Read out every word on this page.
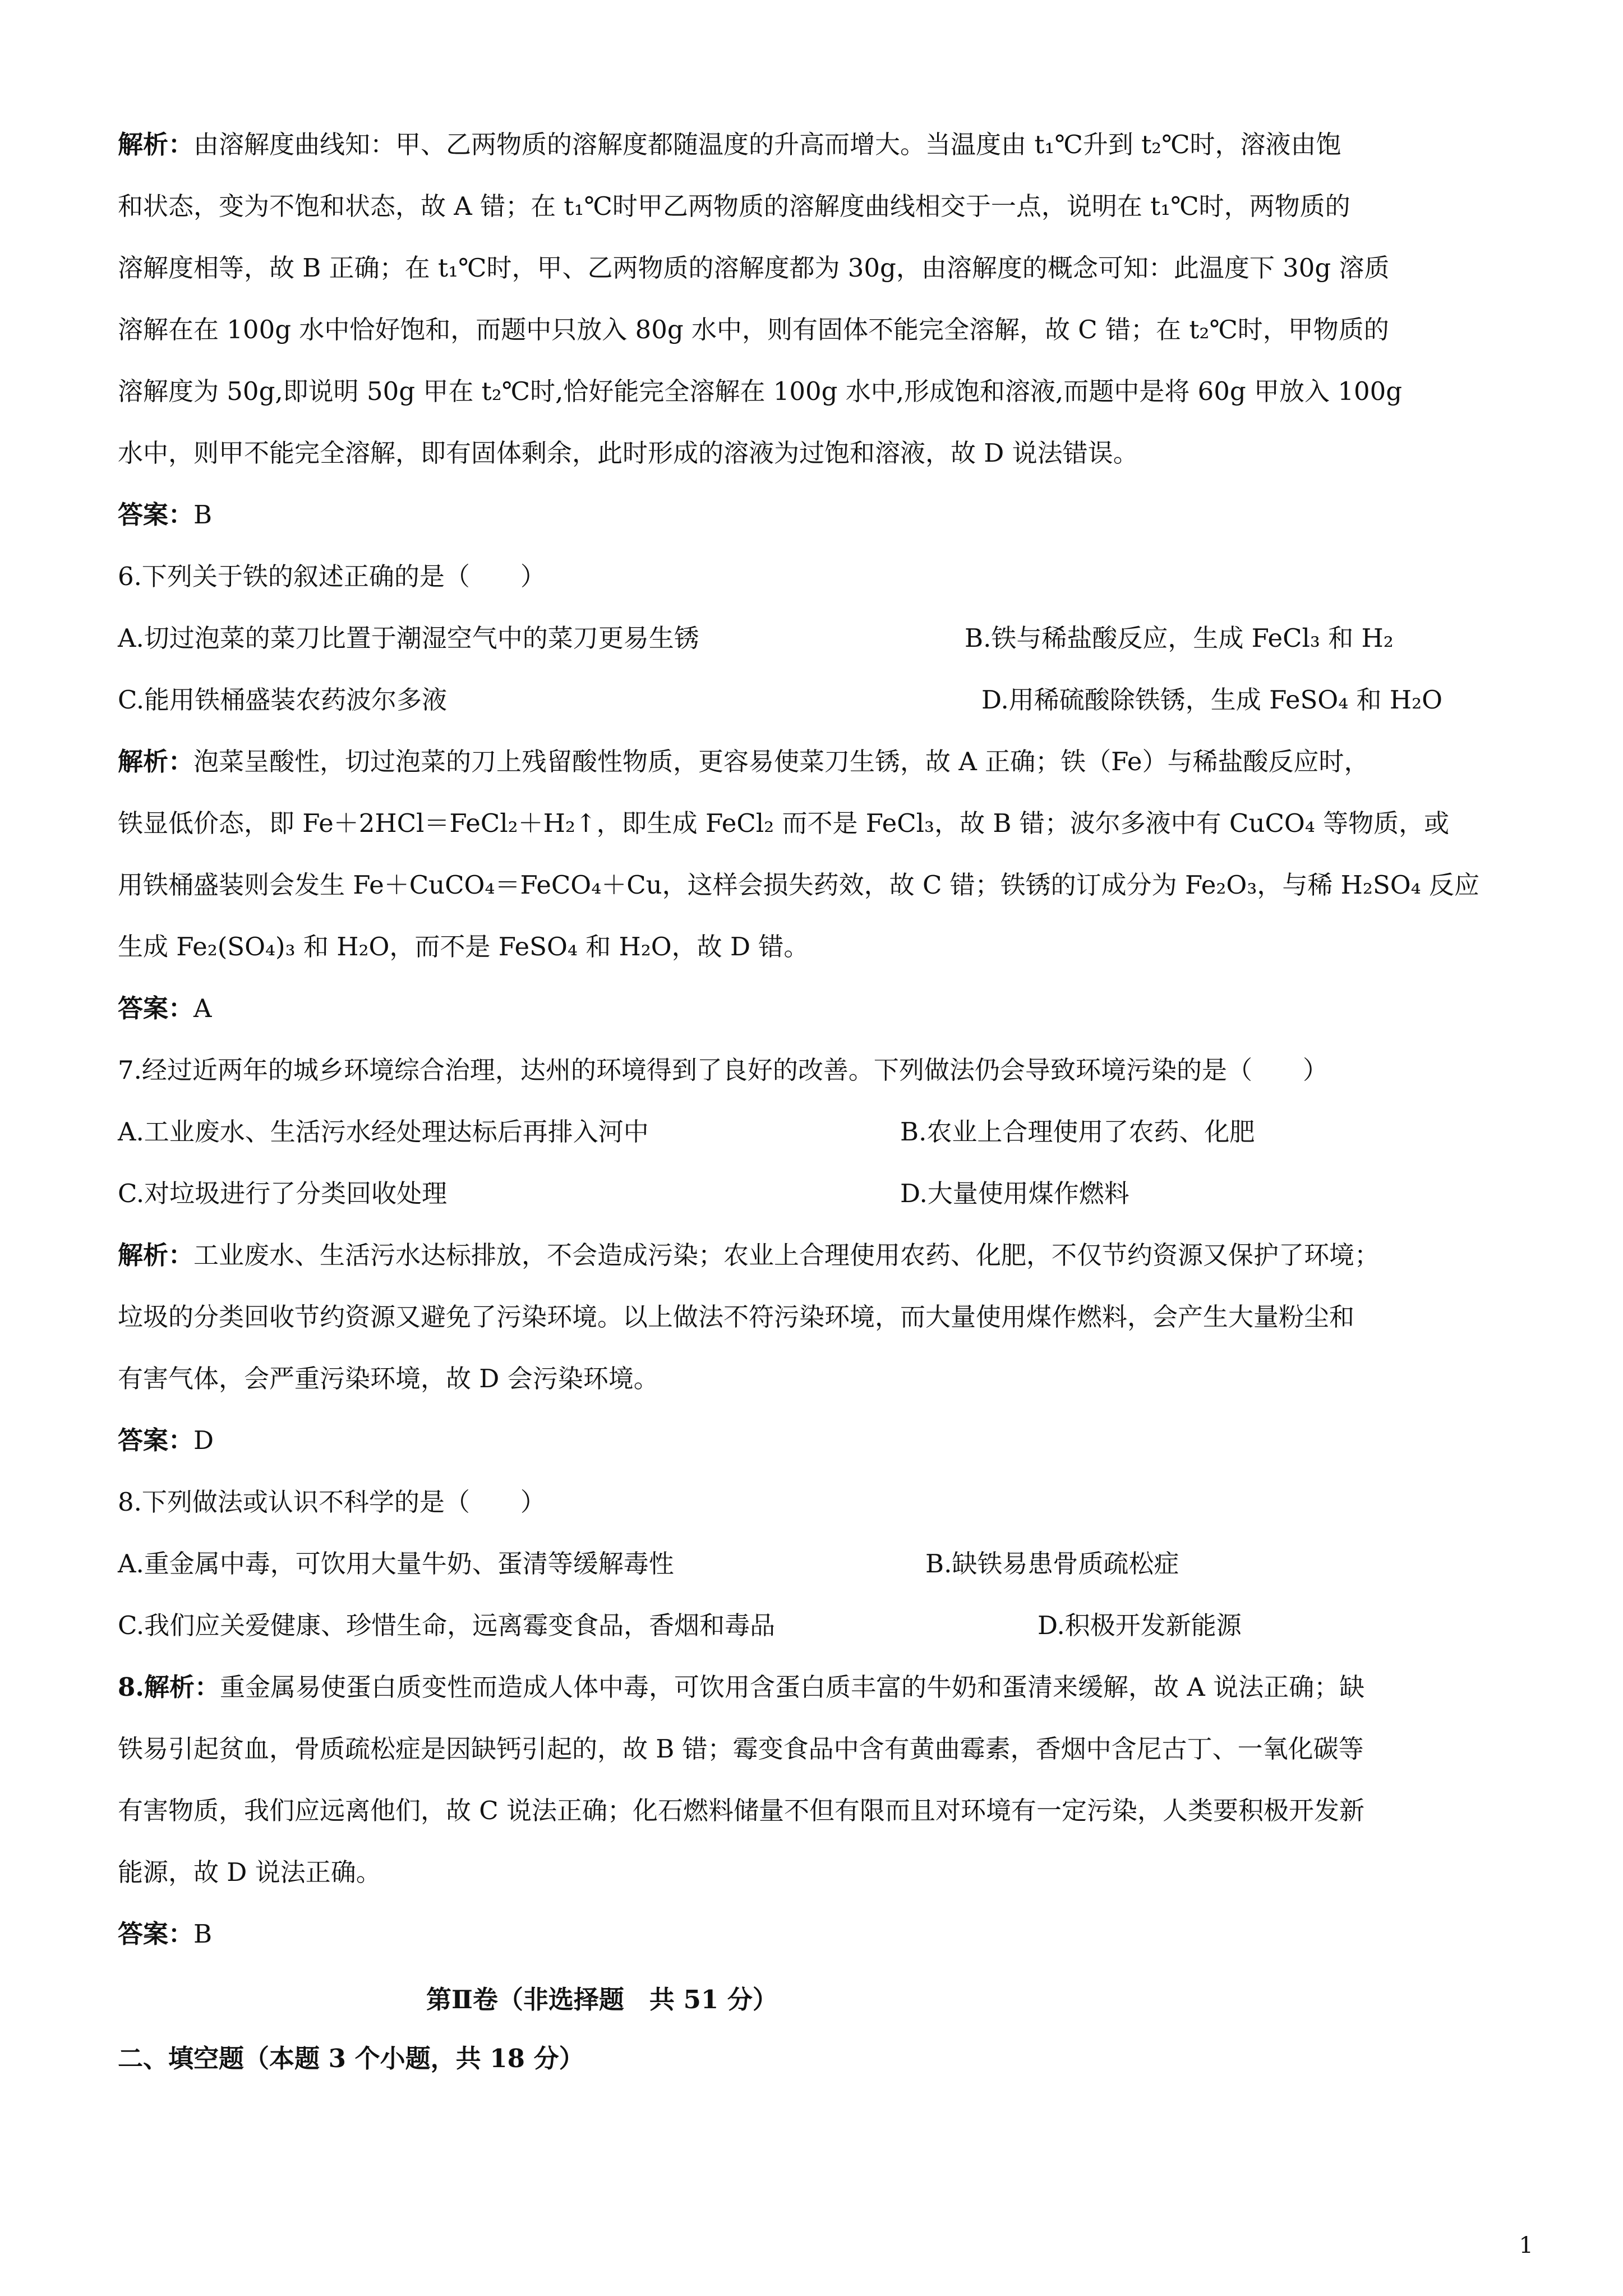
解析：由溶解度曲线知：甲、乙两物质的溶解度都随温度的升高而增大。当温度由 t₁℃升到 t₂℃时，溶液由饱
和状态，变为不饱和状态，故 A 错；在 t₁℃时甲乙两物质的溶解度曲线相交于一点，说明在 t₁℃时，两物质的
溶解度相等，故 B 正确；在 t₁℃时，甲、乙两物质的溶解度都为 30g，由溶解度的概念可知：此温度下 30g 溶质
溶解在在 100g 水中恰好饱和，而题中只放入 80g 水中，则有固体不能完全溶解，故 C 错；在 t₂℃时，甲物质的
溶解度为 50g,即说明 50g 甲在 t₂℃时,恰好能完全溶解在 100g 水中,形成饱和溶液,而题中是将 60g 甲放入 100g
水中，则甲不能完全溶解，即有固体剩余，此时形成的溶液为过饱和溶液，故 D 说法错误。
答案：B
6.下列关于铁的叙述正确的是（　　）
A.切过泡菜的菜刀比置于潮湿空气中的菜刀更易生锈	B.铁与稀盐酸反应，生成 FeCl₃ 和 H₂
C.能用铁桶盛装农药波尔多液	D.用稀硫酸除铁锈，生成 FeSO₄ 和 H₂O
解析：泡菜呈酸性，切过泡菜的刀上残留酸性物质，更容易使菜刀生锈，故 A 正确；铁（Fe）与稀盐酸反应时，
铁显低价态，即 Fe＋2HCl＝FeCl₂＋H₂↑，即生成 FeCl₂ 而不是 FeCl₃，故 B 错；波尔多液中有 CuCO₄ 等物质，或
用铁桶盛装则会发生 Fe＋CuCO₄＝FeCO₄＋Cu，这样会损失药效，故 C 错；铁锈的订成分为 Fe₂O₃，与稀 H₂SO₄ 反应
生成 Fe₂(SO₄)₃ 和 H₂O，而不是 FeSO₄ 和 H₂O，故 D 错。
答案：A
7.经过近两年的城乡环境综合治理，达州的环境得到了良好的改善。下列做法仍会导致环境污染的是（　　）
A.工业废水、生活污水经处理达标后再排入河中	B.农业上合理使用了农药、化肥
C.对垃圾进行了分类回收处理	D.大量使用煤作燃料
解析：工业废水、生活污水达标排放，不会造成污染；农业上合理使用农药、化肥，不仅节约资源又保护了环境；
垃圾的分类回收节约资源又避免了污染环境。以上做法不符污染环境，而大量使用煤作燃料，会产生大量粉尘和
有害气体，会严重污染环境，故 D 会污染环境。
答案：D
8.下列做法或认识不科学的是（　　）
A.重金属中毒，可饮用大量牛奶、蛋清等缓解毒性	B.缺铁易患骨质疏松症
C.我们应关爱健康、珍惜生命，远离霉变食品，香烟和毒品	D.积极开发新能源
8.解析：重金属易使蛋白质变性而造成人体中毒，可饮用含蛋白质丰富的牛奶和蛋清来缓解，故 A 说法正确；缺
铁易引起贫血，骨质疏松症是因缺钙引起的，故 B 错；霉变食品中含有黄曲霉素，香烟中含尼古丁、一氧化碳等
有害物质，我们应远离他们，故 C 说法正确；化石燃料储量不但有限而且对环境有一定污染，人类要积极开发新
能源，故 D 说法正确。
答案：B
第Ⅱ卷（非选择题　共 51 分）
二、填空题（本题 3 个小题，共 18 分）
1
